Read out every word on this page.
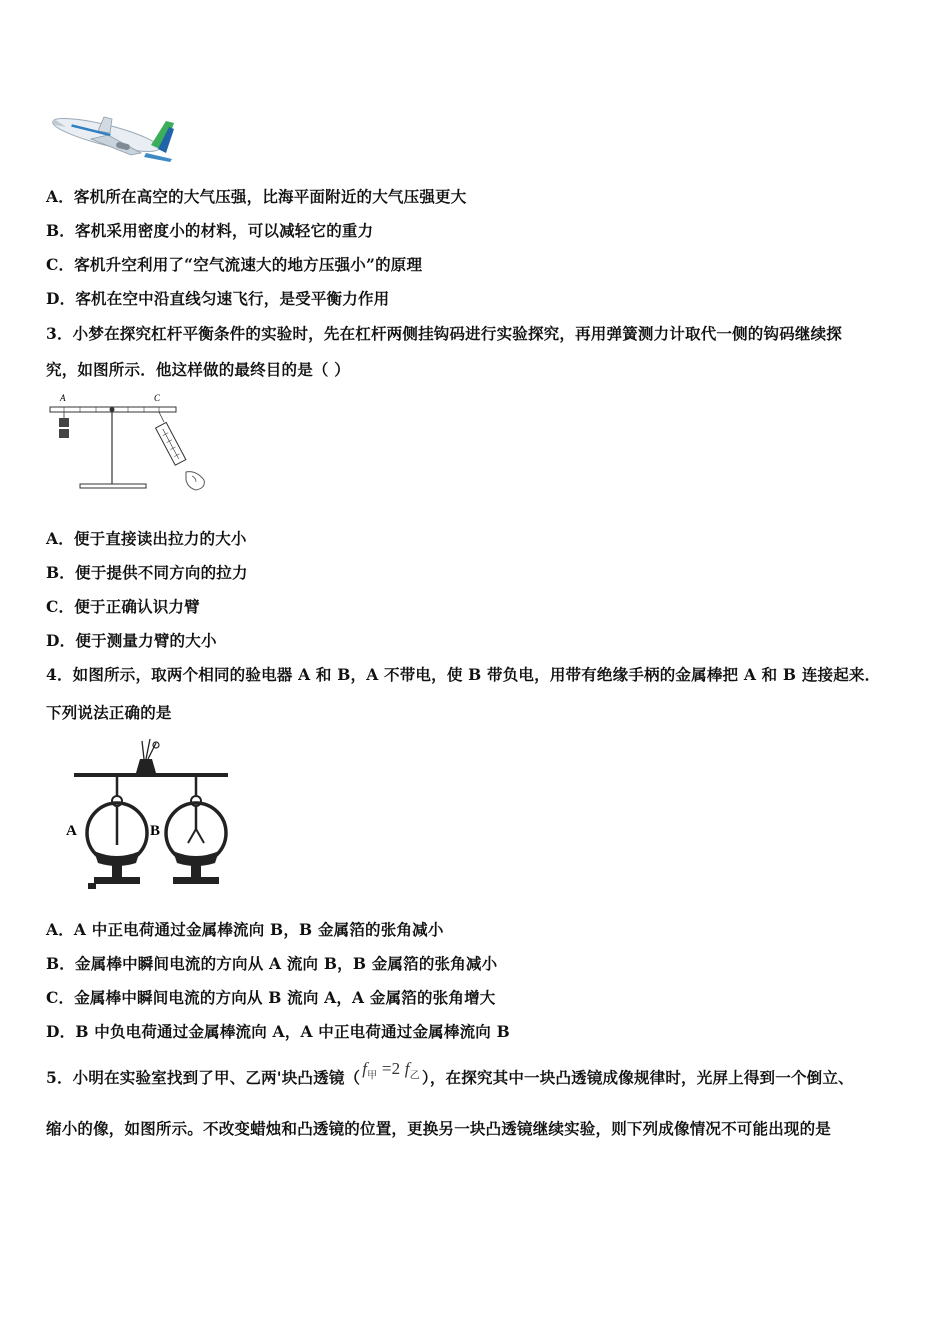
A．客机所在高空的大气压强，比海平面附近的大气压强更大
B．客机采用密度小的材料，可以减轻它的重力
C．客机升空利用了“空气流速大的地方压强小”的原理
D．客机在空中沿直线匀速飞行，是受平衡力作用
3．小梦在探究杠杆平衡条件的实验时，先在杠杆两侧挂钩码进行实验探究，再用弹簧测力计取代一侧的钩码继续探
究，如图所示．他这样做的最终目的是（ ）
A	C
A．便于直接读出拉力的大小
B．便于提供不同方向的拉力
C．便于正确认识力臂
D．便于测量力臂的大小
4．如图所示，取两个相同的验电器 A 和 B，A 不带电，使 B 带负电，用带有绝缘手柄的金属棒把 A 和 B 连接起来．
下列说法正确的是
A	B
A．A 中正电荷通过金属棒流向 B，B 金属箔的张角减小
B．金属棒中瞬间电流的方向从 A 流向 B，B 金属箔的张角减小
C．金属棒中瞬间电流的方向从 B 流向 A，A 金属箔的张角增大
D．B 中负电荷通过金属棒流向 A，A 中正电荷通过金属棒流向 B
5．小明在实验室找到了甲、乙两'块凸透镜（ $f_甲 =2$ $f_乙$ ），在探究其中一块凸透镜成像规律时，光屏上得到一个倒立、
缩小的像，如图所示。不改变蜡烛和凸透镜的位置，更换另一块凸透镜继续实验，则下列成像情况不可能出现的是
